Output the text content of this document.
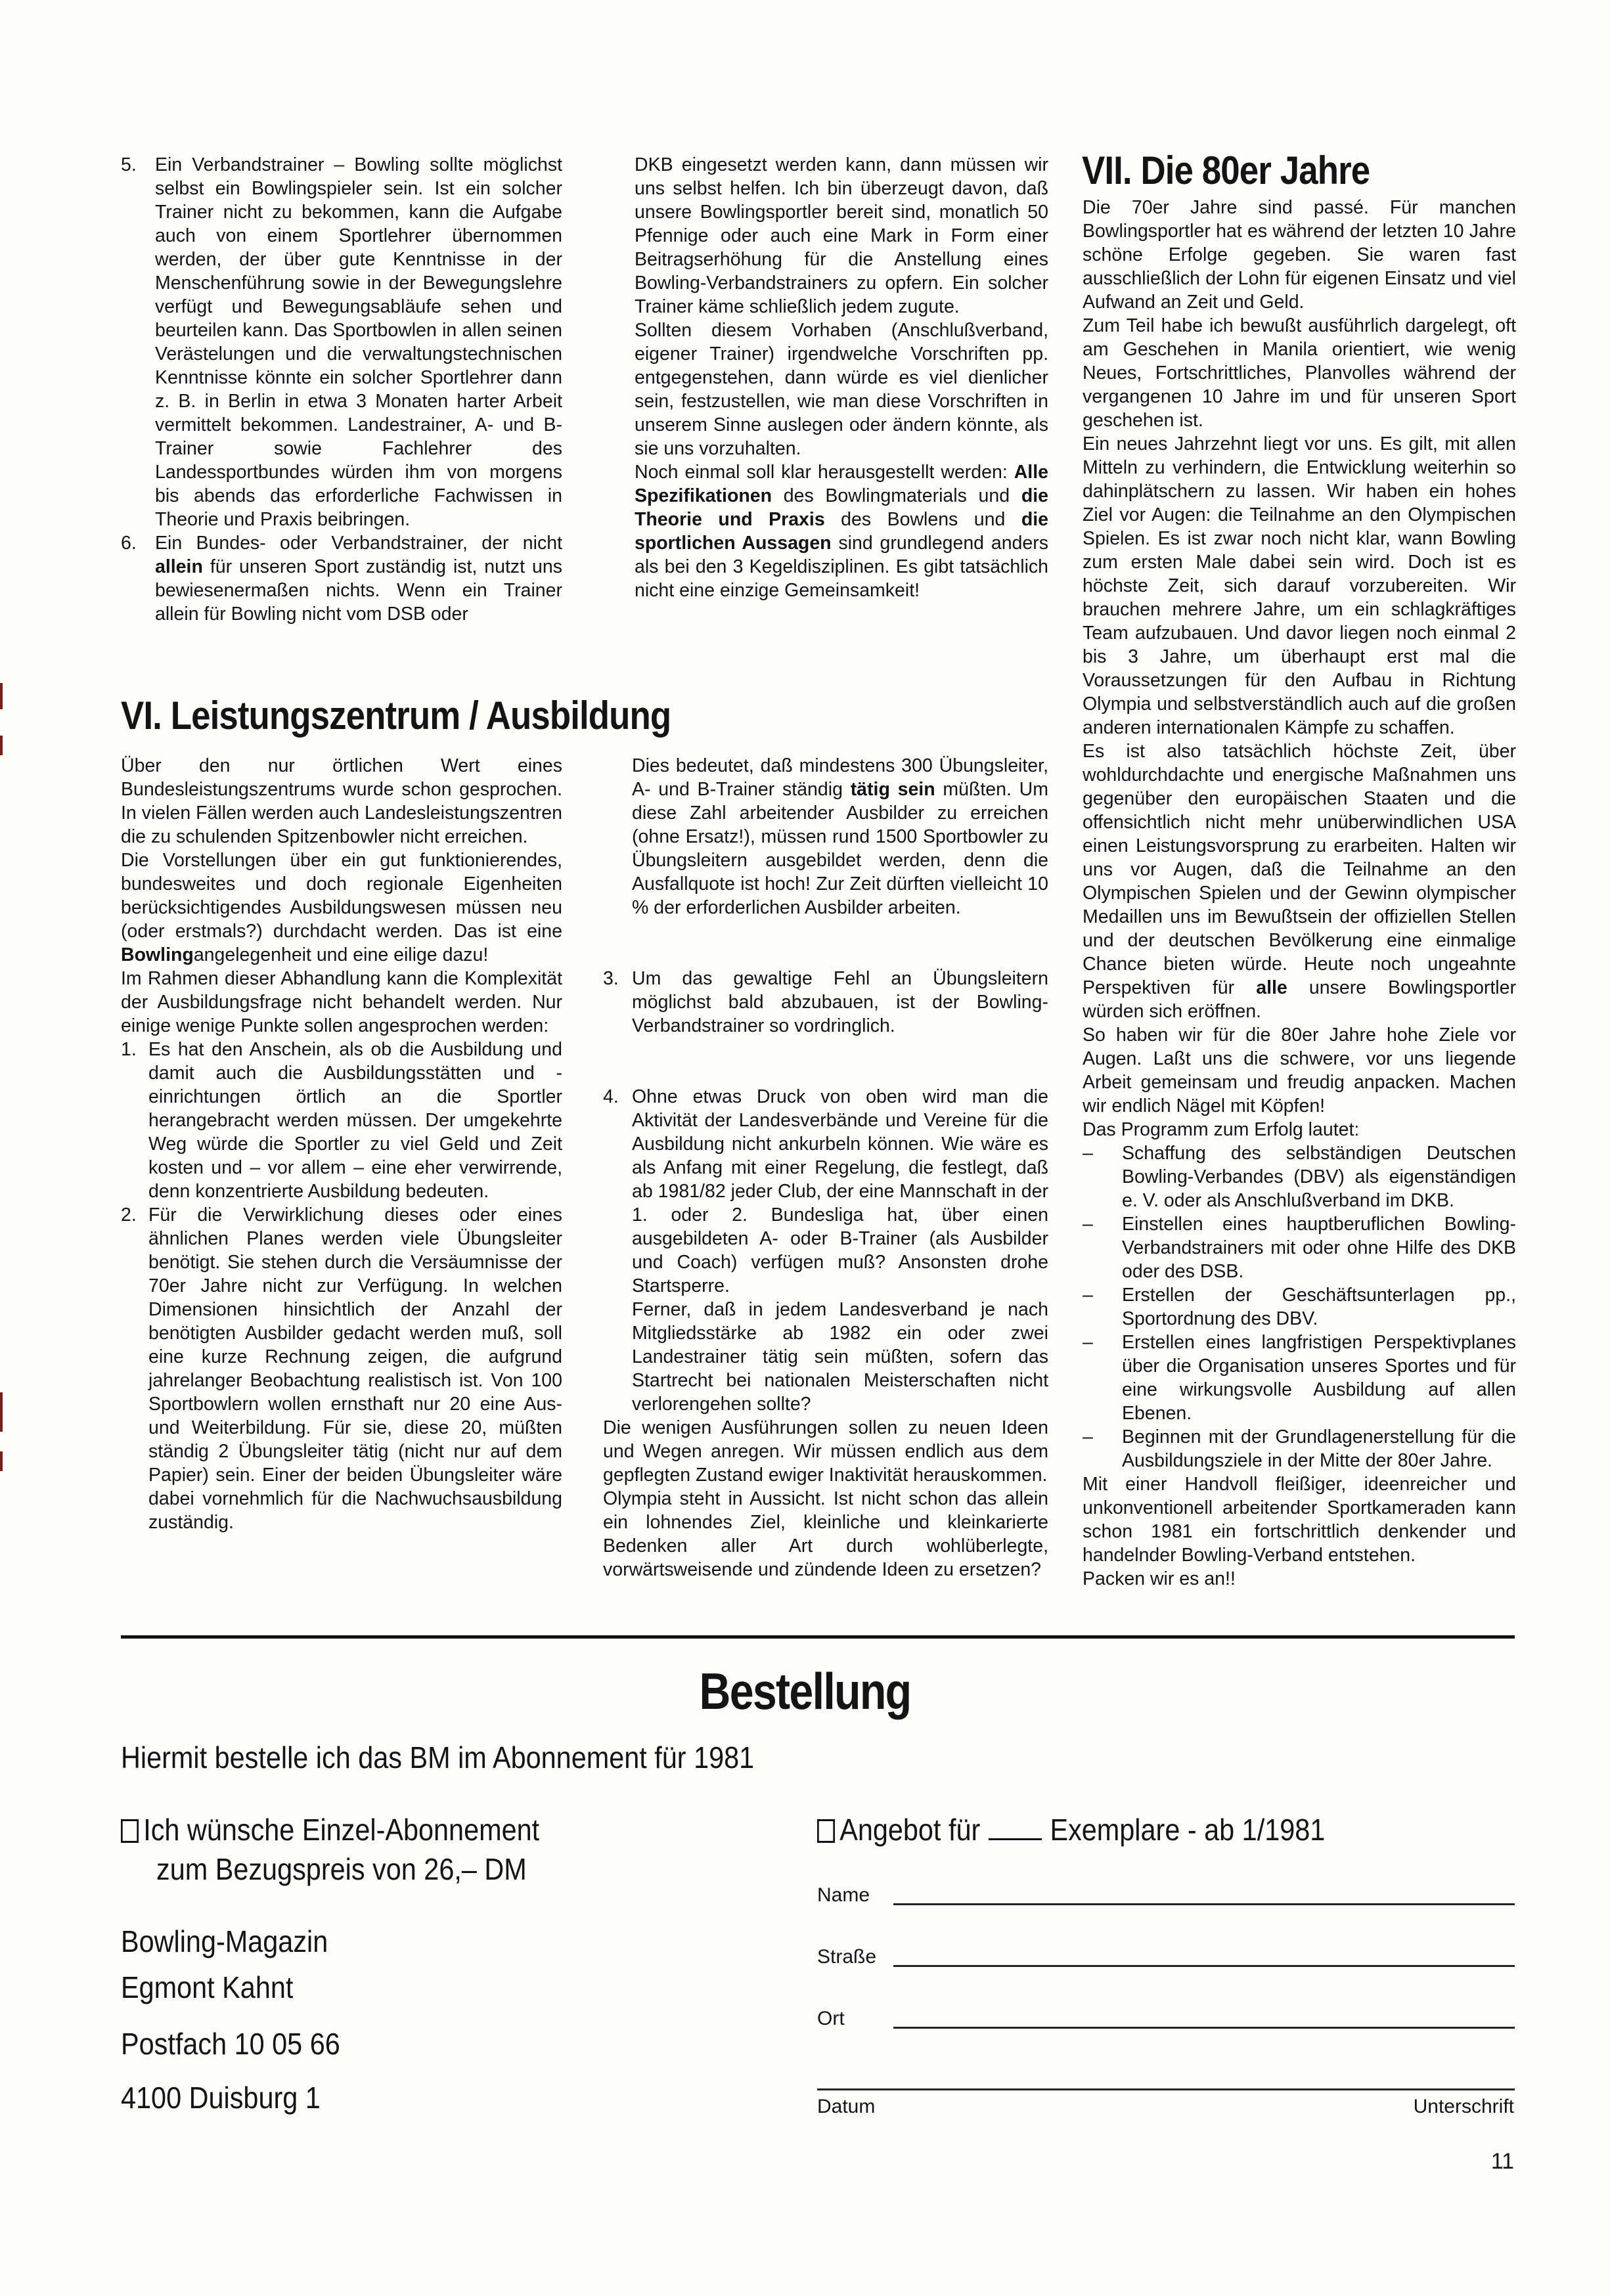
5. Ein Verbandstrainer – Bowling sollte möglichst selbst ein Bowlingspieler sein. Ist ein solcher Trainer nicht zu bekommen, kann die Aufgabe auch von einem Sportlehrer übernommen werden, der über gute Kenntnisse in der Menschenführung sowie in der Bewegungslehre verfügt und Bewegungsabläufe sehen und beurteilen kann. Das Sportbowlen in allen seinen Verästelungen und die verwaltungstechnischen Kenntnisse könnte ein solcher Sportlehrer dann z. B. in Berlin in etwa 3 Monaten harter Arbeit vermittelt bekommen. Landestrainer, A- und B-Trainer sowie Fachlehrer des Landessportbundes würden ihm von morgens bis abends das erforderliche Fachwissen in Theorie und Praxis beibringen.
6. Ein Bundes- oder Verbandstrainer, der nicht allein für unseren Sport zuständig ist, nutzt uns bewiesenermaßen nichts. Wenn ein Trainer allein für Bowling nicht vom DSB oder

DKB eingesetzt werden kann, dann müssen wir uns selbst helfen. Ich bin überzeugt davon, daß unsere Bowlingsportler bereit sind, monatlich 50 Pfennige oder auch eine Mark in Form einer Beitragserhöhung für die Anstellung eines Bowling-Verbandstrainers zu opfern. Ein solcher Trainer käme schließlich jedem zugute.

Sollten diesem Vorhaben (Anschlußverband, eigener Trainer) irgendwelche Vorschriften pp. entgegenstehen, dann würde es viel dienlicher sein, festzustellen, wie man diese Vorschriften in unserem Sinne auslegen oder ändern könnte, als sie uns vorzuhalten.

Noch einmal soll klar herausgestellt werden: Alle Spezifikationen des Bowlingmaterials und die Theorie und Praxis des Bowlens und die sportlichen Aussagen sind grundlegend anders als bei den 3 Kegeldisziplinen. Es gibt tatsächlich nicht eine einzige Gemeinsamkeit!

VI. Leistungszentrum / Ausbildung

Über den nur örtlichen Wert eines Bundesleistungszentrums wurde schon gesprochen. In vielen Fällen werden auch Landesleistungszentren die zu schulenden Spitzenbowler nicht erreichen.

Die Vorstellungen über ein gut funktionierendes, bundesweites und doch regionale Eigenheiten berücksichtigendes Ausbildungswesen müssen neu (oder erstmals?) durchdacht werden. Das ist eine Bowlingangelegenheit und eine eilige dazu!

Im Rahmen dieser Abhandlung kann die Komplexität der Ausbildungsfrage nicht behandelt werden. Nur einige wenige Punkte sollen angesprochen werden:

1. Es hat den Anschein, als ob die Ausbildung und damit auch die Ausbildungsstätten und -einrichtungen örtlich an die Sportler herangebracht werden müssen. Der umgekehrte Weg würde die Sportler zu viel Geld und Zeit kosten und – vor allem – eine eher verwirrende, denn konzentrierte Ausbildung bedeuten.
2. Für die Verwirklichung dieses oder eines ähnlichen Planes werden viele Übungsleiter benötigt. Sie stehen durch die Versäumnisse der 70er Jahre nicht zur Verfügung. In welchen Dimensionen hinsichtlich der Anzahl der benötigten Ausbilder gedacht werden muß, soll eine kurze Rechnung zeigen, die aufgrund jahrelanger Beobachtung realistisch ist. Von 100 Sportbowlern wollen ernsthaft nur 20 eine Aus- und Weiterbildung. Für sie, diese 20, müßten ständig 2 Übungsleiter tätig (nicht nur auf dem Papier) sein. Einer der beiden Übungsleiter wäre dabei vornehmlich für die Nachwuchsausbildung zuständig.
Dies bedeutet, daß mindestens 300 Übungsleiter, A- und B-Trainer ständig tätig sein müßten. Um diese Zahl arbeitender Ausbilder zu erreichen (ohne Ersatz!), müssen rund 1500 Sportbowler zu Übungsleitern ausgebildet werden, denn die Ausfallquote ist hoch! Zur Zeit dürften vielleicht 10 % der erforderlichen Ausbilder arbeiten.
3. Um das gewaltige Fehl an Übungsleitern möglichst bald abzubauen, ist der Bowling-Verbandstrainer so vordringlich.
4. Ohne etwas Druck von oben wird man die Aktivität der Landesverbände und Vereine für die Ausbildung nicht ankurbeln können. Wie wäre es als Anfang mit einer Regelung, die festlegt, daß ab 1981/82 jeder Club, der eine Mannschaft in der 1. oder 2. Bundesliga hat, über einen ausgebildeten A- oder B-Trainer (als Ausbilder und Coach) verfügen muß? Ansonsten drohe Startsperre.
Ferner, daß in jedem Landesverband je nach Mitgliedsstärke ab 1982 ein oder zwei Landestrainer tätig sein müßten, sofern das Startrecht bei nationalen Meisterschaften nicht verlorengehen sollte?

Die wenigen Ausführungen sollen zu neuen Ideen und Wegen anregen. Wir müssen endlich aus dem gepflegten Zustand ewiger Inaktivität herauskommen.

Olympia steht in Aussicht. Ist nicht schon das allein ein lohnendes Ziel, kleinliche und kleinkarierte Bedenken aller Art durch wohlüberlegte, vorwärtsweisende und zündende Ideen zu ersetzen?

VII. Die 80er Jahre

Die 70er Jahre sind passé. Für manchen Bowlingsportler hat es während der letzten 10 Jahre schöne Erfolge gegeben. Sie waren fast ausschließlich der Lohn für eigenen Einsatz und viel Aufwand an Zeit und Geld.

Zum Teil habe ich bewußt ausführlich dargelegt, oft am Geschehen in Manila orientiert, wie wenig Neues, Fortschrittliches, Planvolles während der vergangenen 10 Jahre im und für unseren Sport geschehen ist.

Ein neues Jahrzehnt liegt vor uns. Es gilt, mit allen Mitteln zu verhindern, die Entwicklung weiterhin so dahinplätschern zu lassen. Wir haben ein hohes Ziel vor Augen: die Teilnahme an den Olympischen Spielen. Es ist zwar noch nicht klar, wann Bowling zum ersten Male dabei sein wird. Doch ist es höchste Zeit, sich darauf vorzubereiten. Wir brauchen mehrere Jahre, um ein schlagkräftiges Team aufzubauen. Und davor liegen noch einmal 2 bis 3 Jahre, um überhaupt erst mal die Voraussetzungen für den Aufbau in Richtung Olympia und selbstverständlich auch auf die großen anderen internationalen Kämpfe zu schaffen.

Es ist also tatsächlich höchste Zeit, über wohldurchdachte und energische Maßnahmen uns gegenüber den europäischen Staaten und die offensichtlich nicht mehr unüberwindlichen USA einen Leistungsvorsprung zu erarbeiten. Halten wir uns vor Augen, daß die Teilnahme an den Olympischen Spielen und der Gewinn olympischer Medaillen uns im Bewußtsein der offiziellen Stellen und der deutschen Bevölkerung eine einmalige Chance bieten würde. Heute noch ungeahnte Perspektiven für alle unsere Bowlingsportler würden sich eröffnen.

So haben wir für die 80er Jahre hohe Ziele vor Augen. Laßt uns die schwere, vor uns liegende Arbeit gemeinsam und freudig anpacken. Machen wir endlich Nägel mit Köpfen!

Das Programm zum Erfolg lautet:

– Schaffung des selbständigen Deutschen Bowling-Verbandes (DBV) als eigenständigen e. V. oder als Anschlußverband im DKB.
– Einstellen eines hauptberuflichen Bowling-Verbandstrainers mit oder ohne Hilfe des DKB oder des DSB.
– Erstellen der Geschäftsunterlagen pp., Sportordnung des DBV.
– Erstellen eines langfristigen Perspektivplanes über die Organisation unseres Sportes und für eine wirkungsvolle Ausbildung auf allen Ebenen.
– Beginnen mit der Grundlagenerstellung für die Ausbildungsziele in der Mitte der 80er Jahre.

Mit einer Handvoll fleißiger, ideenreicher und unkonventionell arbeitender Sportkameraden kann schon 1981 ein fortschrittlich denkender und handelnder Bowling-Verband entstehen.

Packen wir es an!!

Bestellung
Hiermit bestelle ich das BM im Abonnement für 1981
Ich wünsche Einzel-Abonnement
zum Bezugspreis von 26,– DM
Angebot für Exemplare - ab 1/1981
Bowling-Magazin
Egmont Kahnt
Postfach 10 05 66
4100 Duisburg 1
Name
Straße
Ort
Datum	Unterschrift
11
